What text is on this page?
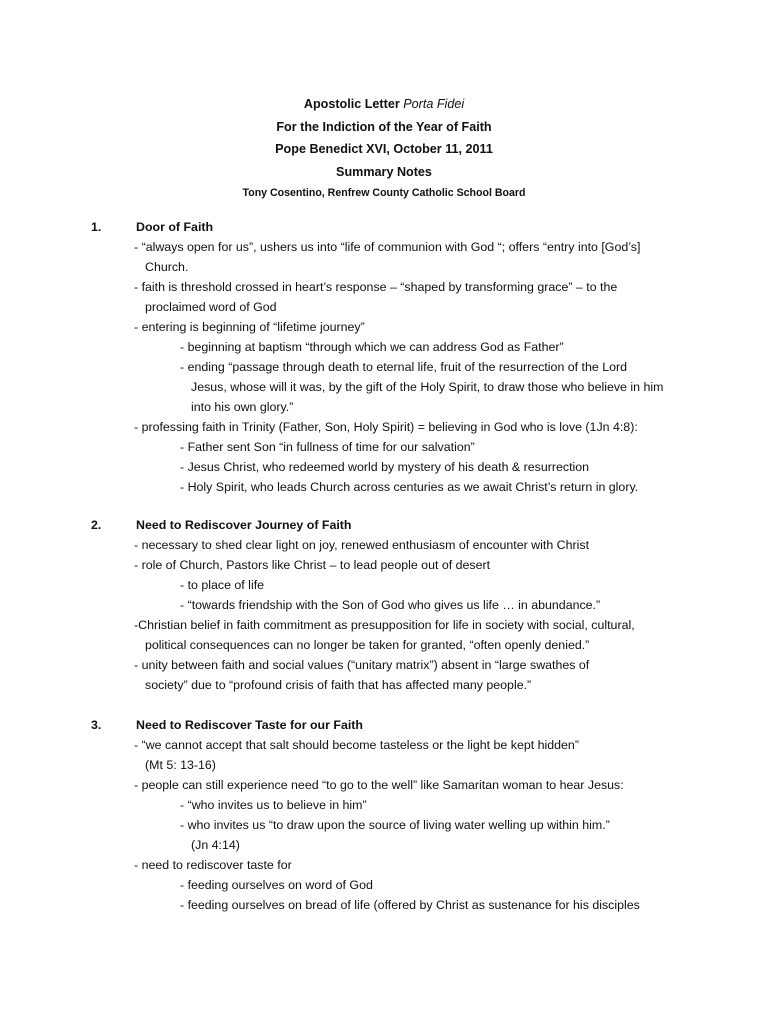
Apostolic Letter Porta Fidei
For the Indiction of the Year of Faith
Pope Benedict XVI, October 11, 2011
Summary Notes
Tony Cosentino, Renfrew County Catholic School Board
1.	Door of Faith
- “always open for us”, ushers us into “life of communion with God “; offers “entry into [God’s]
Church.
- faith is threshold crossed in heart’s response – “shaped by transforming grace” – to the
proclaimed word of God
- entering is beginning of “lifetime journey”
- beginning at baptism “through which we can address God as Father”
- ending “passage through death to eternal life, fruit of the resurrection of the Lord
Jesus, whose will it was, by the gift of the Holy Spirit, to draw those who believe in him
into his own glory.”
- professing faith in Trinity (Father, Son, Holy Spirit) = believing in God who is love (1Jn 4:8):
- Father sent Son “in fullness of time for our salvation”
- Jesus Christ, who redeemed world by mystery of his death & resurrection
- Holy Spirit, who leads Church across centuries as we await Christ’s return in glory.
2.	Need to Rediscover Journey of Faith
- necessary to shed clear light on joy, renewed enthusiasm of encounter with Christ
- role of Church, Pastors like Christ – to lead people out of desert
- to place of life
- “towards friendship with the Son of God who gives us life … in abundance.”
-Christian belief in faith commitment as presupposition for life in society with social, cultural,
political consequences can no longer be taken for granted, “often openly denied.”
- unity between faith and social values (“unitary matrix”) absent in “large swathes of
society” due to “profound crisis of faith that has affected many people.”
3.	Need to Rediscover Taste for our Faith
- “we cannot accept that salt should become tasteless or the light be kept hidden”
(Mt 5: 13-16)
- people can still experience need “to go to the well” like Samaritan woman to hear Jesus:
- “who invites us to believe in him”
- who invites us “to draw upon the source of living water welling up within him.”
(Jn 4:14)
- need to rediscover taste for
- feeding ourselves on word of God
- feeding ourselves on bread of life (offered by Christ as sustenance for his disciples
